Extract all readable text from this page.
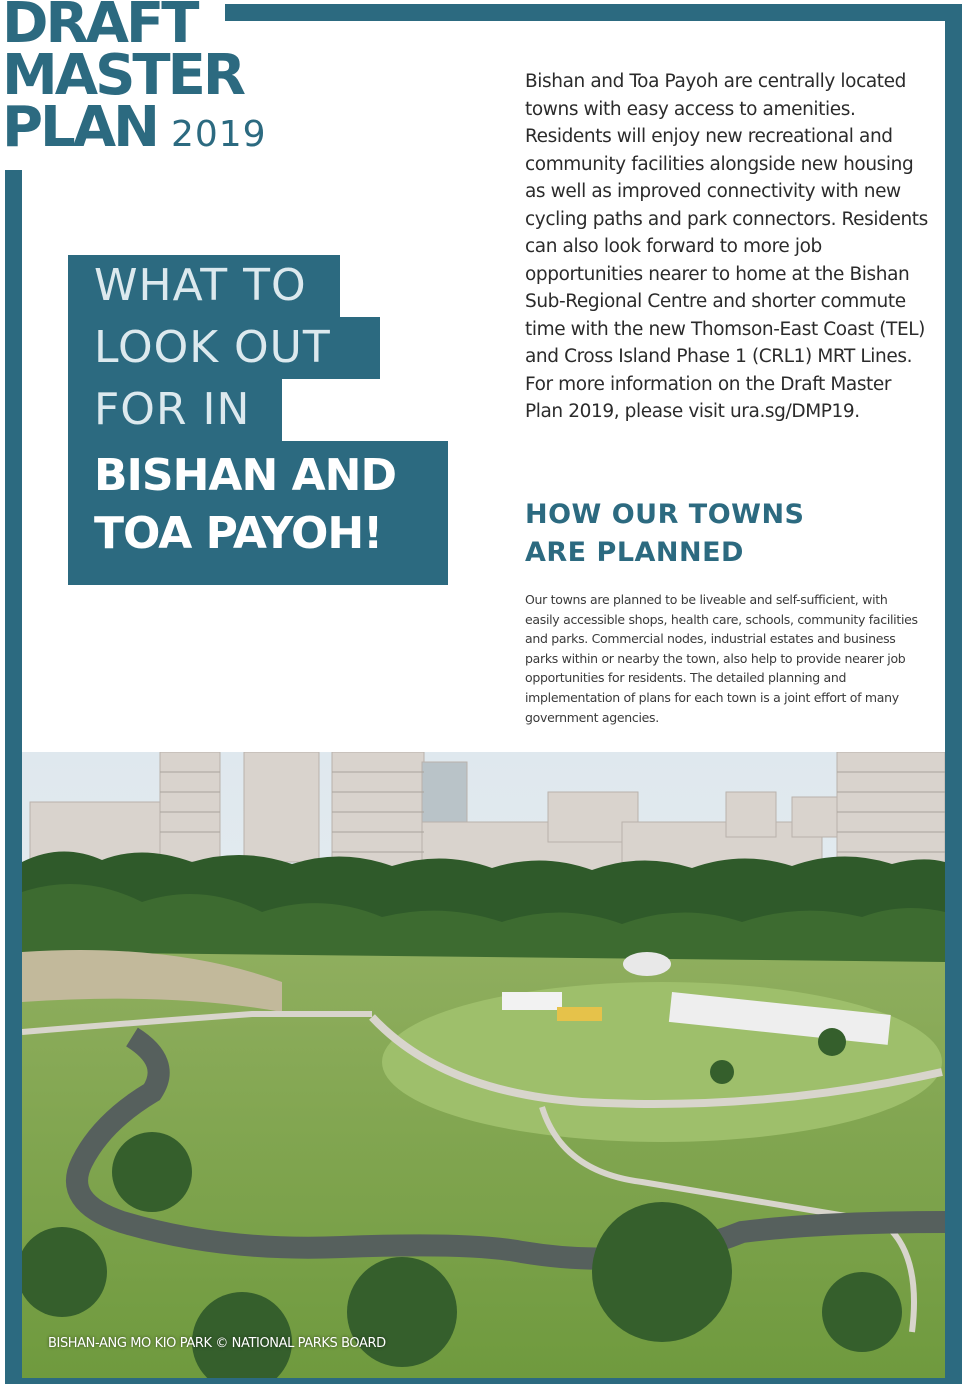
DRAFT
MASTER
PLAN 2019
WHAT TO
LOOK OUT
FOR IN
BISHAN AND
TOA PAYOH!

Bishan and Toa Payoh are centrally located towns with easy access to amenities. Residents will enjoy new recreational and community facilities alongside new housing as well as improved connectivity with new cycling paths and park connectors. Residents can also look forward to more job opportunities nearer to home at the Bishan Sub-Regional Centre and shorter commute time with the new Thomson-East Coast (TEL) and Cross Island Phase 1 (CRL1) MRT Lines. For more information on the Draft Master Plan 2019, please visit ura.sg/DMP19.

HOW OUR TOWNS
ARE PLANNED

Our towns are planned to be liveable and self-sufficient, with easily accessible shops, health care, schools, community facilities and parks. Commercial nodes, industrial estates and business parks within or nearby the town, also help to provide nearer job opportunities for residents. The detailed planning and implementation of plans for each town is a joint effort of many government agencies.

BISHAN-ANG MO KIO PARK © NATIONAL PARKS BOARD
